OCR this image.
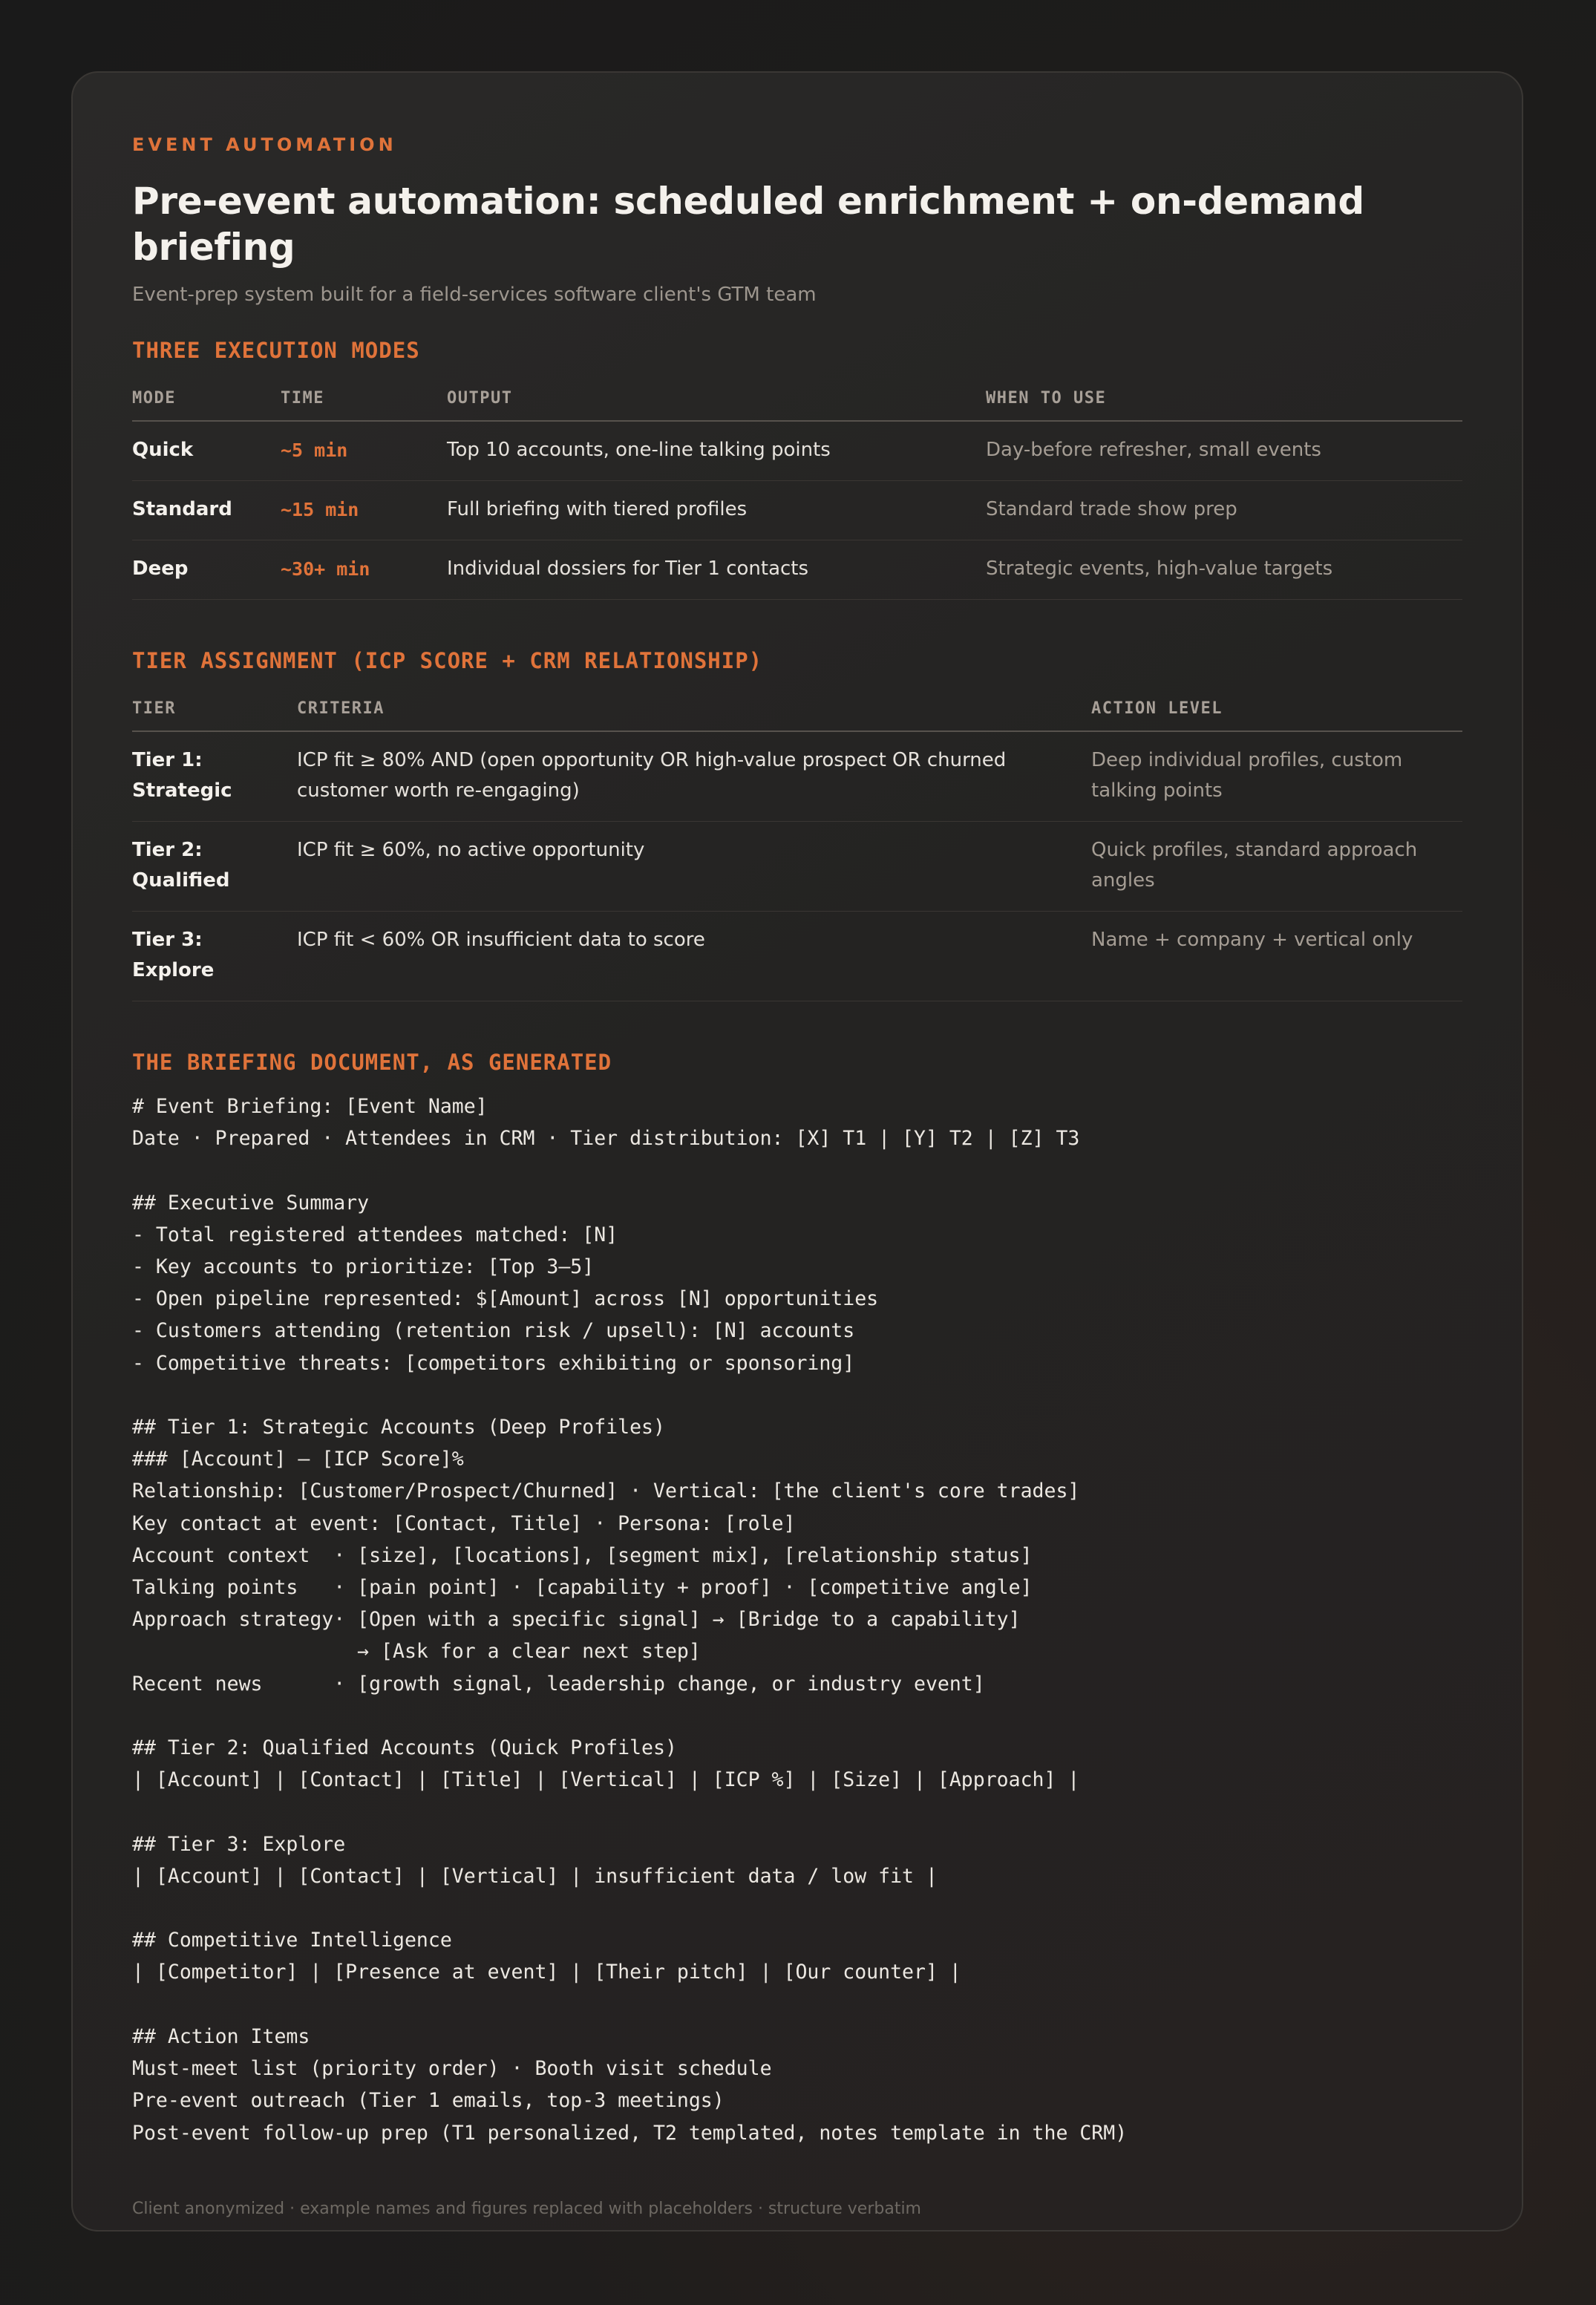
EVENT AUTOMATION

Pre-event automation: scheduled enrichment + on-demand briefing

Event-prep system built for a field-services software client's GTM team

THREE EXECUTION MODES
MODE	TIME	OUTPUT	WHEN TO USE
Quick	~5 min	Top 10 accounts, one-line talking points	Day-before refresher, small events
Standard	~15 min	Full briefing with tiered profiles	Standard trade show prep
Deep	~30+ min	Individual dossiers for Tier 1 contacts	Strategic events, high-value targets
TIER ASSIGNMENT (ICP SCORE + CRM RELATIONSHIP)
TIER	CRITERIA	ACTION LEVEL
Tier 1: Strategic	ICP fit ≥ 80% AND (open opportunity OR high-value prospect OR churned customer worth re-engaging)	Deep individual profiles, custom talking points
Tier 2: Qualified	ICP fit ≥ 60%, no active opportunity	Quick profiles, standard approach angles
Tier 3: Explore	ICP fit < 60% OR insufficient data to score	Name + company + vertical only
THE BRIEFING DOCUMENT, AS GENERATED
# Event Briefing: [Event Name]
Date · Prepared · Attendees in CRM · Tier distribution: [X] T1 | [Y] T2 | [Z] T3

## Executive Summary
- Total registered attendees matched: [N]
- Key accounts to prioritize: [Top 3–5]
- Open pipeline represented: $[Amount] across [N] opportunities
- Customers attending (retention risk / upsell): [N] accounts
- Competitive threats: [competitors exhibiting or sponsoring]

## Tier 1: Strategic Accounts (Deep Profiles)
### [Account] — [ICP Score]%
Relationship: [Customer/Prospect/Churned] · Vertical: [the client's core trades]
Key contact at event: [Contact, Title] · Persona: [role]
Account context  · [size], [locations], [segment mix], [relationship status]
Talking points   · [pain point] · [capability + proof] · [competitive angle]
Approach strategy· [Open with a specific signal] → [Bridge to a capability]
→ [Ask for a clear next step]
Recent news      · [growth signal, leadership change, or industry event]

## Tier 2: Qualified Accounts (Quick Profiles)
| [Account] | [Contact] | [Title] | [Vertical] | [ICP %] | [Size] | [Approach] |

## Tier 3: Explore
| [Account] | [Contact] | [Vertical] | insufficient data / low fit |

## Competitive Intelligence
| [Competitor] | [Presence at event] | [Their pitch] | [Our counter] |

## Action Items
Must-meet list (priority order) · Booth visit schedule
Pre-event outreach (Tier 1 emails, top-3 meetings)
Post-event follow-up prep (T1 personalized, T2 templated, notes template in the CRM)

Client anonymized · example names and figures replaced with placeholders · structure verbatim
